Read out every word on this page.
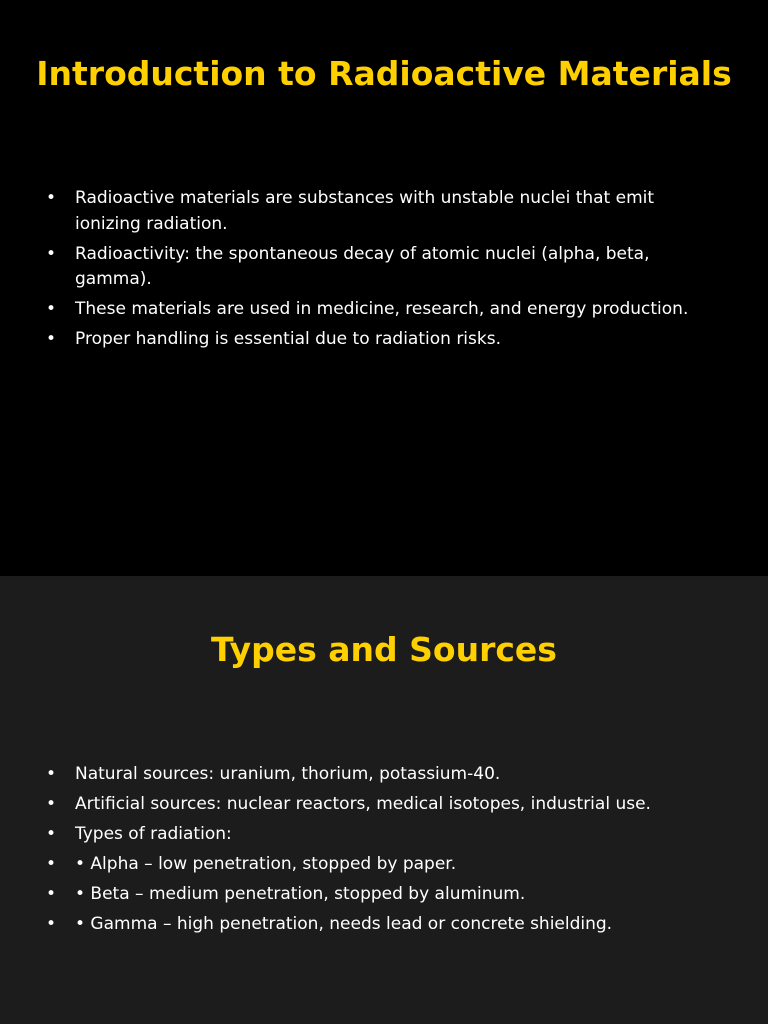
Introduction to Radioactive Materials
• Radioactive materials are substances with unstable nuclei that emit ionizing radiation.
• Radioactivity: the spontaneous decay of atomic nuclei (alpha, beta, gamma).
• These materials are used in medicine, research, and energy production.
• Proper handling is essential due to radiation risks.
Types and Sources
• Natural sources: uranium, thorium, potassium-40.
• Artificial sources: nuclear reactors, medical isotopes, industrial use.
• Types of radiation:
• • Alpha – low penetration, stopped by paper.
• • Beta – medium penetration, stopped by aluminum.
• • Gamma – high penetration, needs lead or concrete shielding.
